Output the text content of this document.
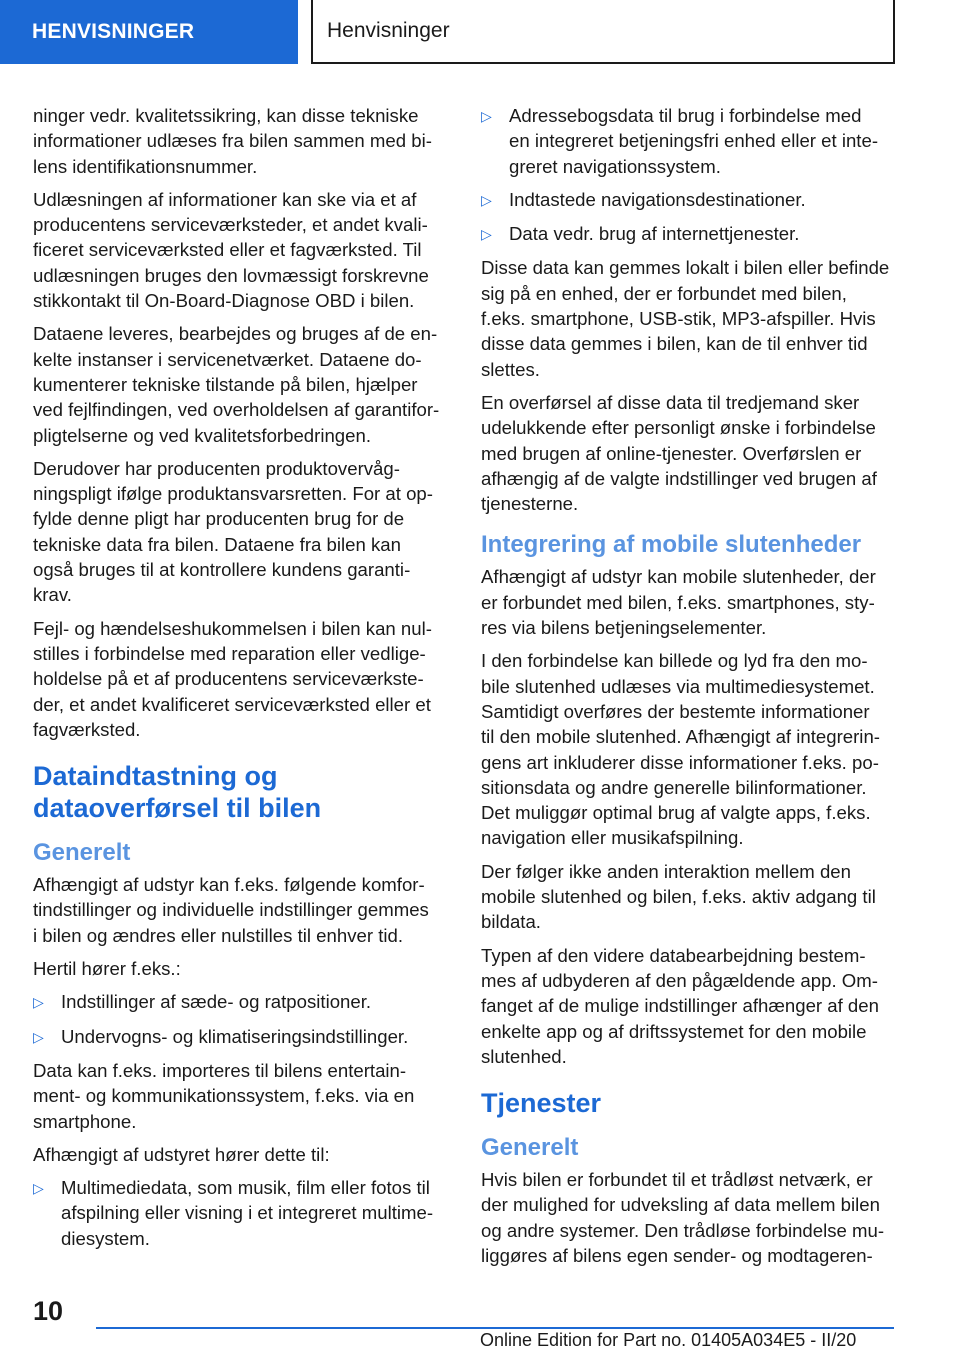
HENVISNINGER	Henvisninger

ninger vedr. kvalitetssikring, kan disse tekniske
informationer udlæses fra bilen sammen med bi-
lens identifikationsnummer.

Udlæsningen af informationer kan ske via et af
producentens serviceværksteder, et andet kvali-
ficeret serviceværksted eller et fagværksted. Til
udlæsningen bruges den lovmæssigt forskrevne
stikkontakt til On-Board-Diagnose OBD i bilen.

Dataene leveres, bearbejdes og bruges af de en-
kelte instanser i servicenetværket. Dataene do-
kumenterer tekniske tilstande på bilen, hjælper
ved fejlfindingen, ved overholdelsen af garantifor-
pligtelserne og ved kvalitetsforbedringen.

Derudover har producenten produktovervåg-
ningspligt ifølge produktansvarsretten. For at op-
fylde denne pligt har producenten brug for de
tekniske data fra bilen. Dataene fra bilen kan
også bruges til at kontrollere kundens garanti-
krav.

Fejl- og hændelseshukommelsen i bilen kan nul-
stilles i forbindelse med reparation eller vedlige-
holdelse på et af producentens serviceværkste-
der, et andet kvalificeret serviceværksted eller et
fagværksted.

Dataindtastning og
dataoverførsel til bilen
Generelt

Afhængigt af udstyr kan f.eks. følgende komfor-
tindstillinger og individuelle indstillinger gemmes
i bilen og ændres eller nulstilles til enhver tid.

Hertil hører f.eks.:

▷ Indstillinger af sæde- og ratpositioner.
▷ Undervogns- og klimatiseringsindstillinger.

Data kan f.eks. importeres til bilens entertain-
ment- og kommunikationssystem, f.eks. via en
smartphone.

Afhængigt af udstyret hører dette til:

▷ Multimediedata, som musik, film eller fotos til
afspilning eller visning i et integreret multime-
diesystem.
▷ Adressebogsdata til brug i forbindelse med
en integreret betjeningsfri enhed eller et inte-
greret navigationssystem.
▷ Indtastede navigationsdestinationer.
▷ Data vedr. brug af internettjenester.

Disse data kan gemmes lokalt i bilen eller befinde
sig på en enhed, der er forbundet med bilen,
f.eks. smartphone, USB-stik, MP3-afspiller. Hvis
disse data gemmes i bilen, kan de til enhver tid
slettes.

En overførsel af disse data til tredjemand sker
udelukkende efter personligt ønske i forbindelse
med brugen af online-tjenester. Overførslen er
afhængig af de valgte indstillinger ved brugen af
tjenesterne.

Integrering af mobile slutenheder

Afhængigt af udstyr kan mobile slutenheder, der
er forbundet med bilen, f.eks. smartphones, sty-
res via bilens betjeningselementer.

I den forbindelse kan billede og lyd fra den mo-
bile slutenhed udlæses via multimediesystemet.
Samtidigt overføres der bestemte informationer
til den mobile slutenhed. Afhængigt af integrerin-
gens art inkluderer disse informationer f.eks. po-
sitionsdata og andre generelle bilinformationer.
Det muliggør optimal brug af valgte apps, f.eks.
navigation eller musikafspilning.

Der følger ikke anden interaktion mellem den
mobile slutenhed og bilen, f.eks. aktiv adgang til
bildata.

Typen af den videre databearbejdning bestem-
mes af udbyderen af den pågældende app. Om-
fanget af de mulige indstillinger afhænger af den
enkelte app og af driftssystemet for den mobile
slutenhed.

Tjenester
Generelt

Hvis bilen er forbundet til et trådløst netværk, er
der mulighed for udveksling af data mellem bilen
og andre systemer. Den trådløse forbindelse mu-
liggøres af bilens egen sender- og modtageren-

10
Online Edition for Part no. 01405A034E5 - II/20
